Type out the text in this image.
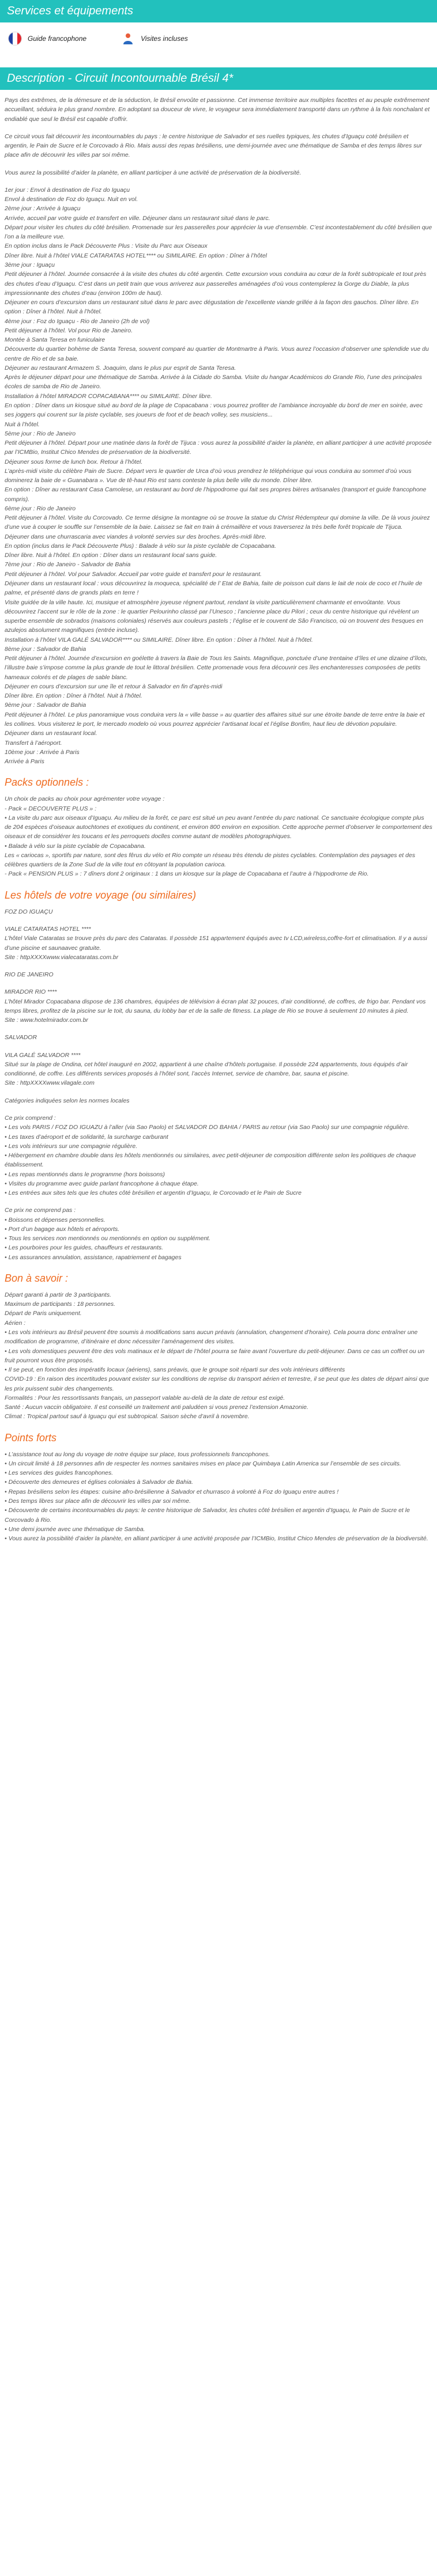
Services et équipements
Guide francophone	Visites incluses
Description - Circuit Incontournable Brésil 4*

Pays des extrêmes, de la démesure et de la séduction, le Brésil envoûte et passionne. Cet immense territoire aux multiples facettes et au peuple extrêmement accueillant, séduira le plus grand nombre. En adoptant sa douceur de vivre, le voyageur sera immédiatement transporté dans un rythme à la fois nonchalant et endiablé que seul le Brésil est capable d’offrir.

Ce circuit vous fait découvrir les incontournables du pays : le centre historique de Salvador et ses ruelles typiques, les chutes d’Iguaçu coté brésilien et argentin, le Pain de Sucre et le Corcovado à Rio. Mais aussi des repas brésiliens, une demi-journée avec une thématique de Samba et des temps libres sur place afin de découvrir les villes par soi même.

Vous aurez la possibilité d’aider la planète, en alliant participer à une activité de préservation de la biodiversité.

1er jour : Envol à destination de Foz do Iguaçu
Envol à destination de Foz do Iguaçu. Nuit en vol.
2ème jour : Arrivée à Iguaçu
Arrivée, accueil par votre guide et transfert en ville. Déjeuner dans un restaurant situé dans le parc.
Départ pour visiter les chutes du côté brésilien. Promenade sur les passerelles pour apprécier la vue d’ensemble. C’est incontestablement du côté brésilien que l’on a la meilleure vue.
En option inclus dans le Pack Découverte Plus : Visite du Parc aux Oiseaux
Dîner libre. Nuit à l’hôtel VIALE CATARATAS HOTEL**** ou SIMILAIRE. En option : Dîner à l’hôtel
3ème jour : Iguaçu
Petit déjeuner à l’hôtel. Journée consacrée à la visite des chutes du côté argentin. Cette excursion vous conduira au cœur de la forêt subtropicale et tout près des chutes d’eau d’Iguaçu. C’est dans un petit train que vous arriverez aux passerelles aménagées d’où vous contemplerez la Gorge du Diable, la plus impressionnante des chutes d’eau (environ 100m de haut).
Déjeuner en cours d’excursion dans un restaurant situé dans le parc avec dégustation de l’excellente viande grillée à la façon des gauchos. Dîner libre. En option : Dîner à l’hôtel. Nuit à l’hôtel.
4ème jour : Foz do Iguaçu - Rio de Janeiro (2h de vol)
Petit déjeuner à l’hôtel. Vol pour Rio de Janeiro.
Montée à Santa Teresa en funiculaire
Découverte du quartier bohème de Santa Teresa, souvent comparé au quartier de Montmartre à Paris. Vous aurez l’occasion d’observer une splendide vue du centre de Rio et de sa baie.
Déjeuner au restaurant Armazem S. Joaquim, dans le plus pur esprit de Santa Teresa.
Après le déjeuner départ pour une thématique de Samba. Arrivée à la Cidade do Samba. Visite du hangar Académicos do Grande Rio, l’une des principales écoles de samba de Rio de Janeiro.
Installation à l’hôtel MIRADOR COPACABANA**** ou SIMILAIRE. Dîner libre.
En option : Dîner dans un kiosque situé au bord de la plage de Copacabana : vous pourrez profiter de l’ambiance incroyable du bord de mer en soirée, avec ses joggers qui courent sur la piste cyclable, ses joueurs de foot et de beach volley, ses musiciens...
Nuit à l’hôtel.
5ème jour : Rio de Janeiro
Petit déjeuner à l’hôtel. Départ pour une matinée dans la forêt de Tijuca : vous aurez la possibilité d’aider la planète, en alliant participer à une activité proposée par l’ICMBio, Institut Chico Mendes de préservation de la biodiversité.
Déjeuner sous forme de lunch box. Retour à l’hôtel.
L’après-midi visite du célèbre Pain de Sucre. Départ vers le quartier de Urca d’où vous prendrez le téléphérique qui vous conduira au sommet d’où vous dominerez la baie de « Guanabara ». Vue de tê-haut Rio est sans conteste la plus belle ville du monde. Dîner libre.
En option : Dîner au restaurant Casa Camolese, un restaurant au bord de l’hippodrome qui fait ses propres bières artisanales (transport et guide francophone compris).
6ème jour : Rio de Janeiro
Petit déjeuner à l’hôtel. Visite du Corcovado. Ce terme désigne la montagne où se trouve la statue du Christ Rédempteur qui domine la ville. De là vous jouirez d’une vue à couper le souffle sur l’ensemble de la baie. Laissez se fait en train à crémaillère et vous traverserez la très belle forêt tropicale de Tijuca.
Déjeuner dans une churrascaria avec viandes à volonté servies sur des broches. Après-midi libre.
En option (inclus dans le Pack Découverte Plus) : Balade à vélo sur la piste cyclable de Copacabana.
Dîner libre. Nuit à l’hôtel. En option : Dîner dans un restaurant local sans guide.
7ème jour : Rio de Janeiro - Salvador de Bahia
Petit déjeuner à l’hôtel. Vol pour Salvador. Accueil par votre guide et transfert pour le restaurant.
Déjeuner dans un restaurant local : vous découvrirez la moqueca, spécialité de l’ Etat de Bahia, faite de poisson cuit dans le lait de noix de coco et l’huile de palme, et présenté dans de grands plats en terre !
Visite guidée de la ville haute. Ici, musique et atmosphère joyeuse régnent partout, rendant la visite particulièrement charmante et envoûtante. Vous découvrirez l’accent sur le rôle de la zone : le quartier Pelourinho classé par l’Unesco ; l’ancienne place du Pilori ; ceux du centre historique qui révèlent un superbe ensemble de sobrados (maisons coloniales) réservés aux couleurs pastels ; l’église et le couvent de São Francisco, où on trouvent des fresques en azulejos absolument magnifiques (entrée incluse).
Installation à l’hôtel VILA GALÉ SALVADOR**** ou SIMILAIRE. Dîner libre. En option : Dîner à l’hôtel. Nuit à l’hôtel.
8ème jour : Salvador de Bahia
Petit déjeuner à l’hôtel. Journée d’excursion en goélette à travers la Baie de Tous les Saints. Magnifique, ponctuée d’une trentaine d’îles et une dizaine d’îlots, l’illustre baie s’impose comme la plus grande de tout le littoral brésilien. Cette promenade vous fera découvrir ces îles enchanteresses composées de petits hameaux colorés et de plages de sable blanc.
Déjeuner en cours d’excursion sur une île et retour à Salvador en fin d’après-midi
Dîner libre. En option : Dîner à l’hôtel. Nuit à l’hôtel.
9ème jour : Salvador de Bahia
Petit déjeuner à l’hôtel. Le plus panoramique vous conduira vers la « ville basse » au quartier des affaires situé sur une étroite bande de terre entre la baie et les collines. Vous visiterez le port, le mercado modelo où vous pourrez apprécier l’artisanat local et l’église Bonfim, haut lieu de dévotion populaire.
Déjeuner dans un restaurant local.
Transfert à l’aéroport.
10ème jour : Arrivée à Paris
Arrivée à Paris
Packs optionnels :
Un choix de packs au choix pour agrémenter votre voyage :
- Pack « DECOUVERTE PLUS » :
• La visite du parc aux oiseaux d’Iguaçu. Au milieu de la forêt, ce parc est situé un peu avant l’entrée du parc national. Ce sanctuaire écologique compte plus de 204 espèces d’oiseaux autochtones et exotiques du continent, et environ 800 environ en exposition. Cette approche permet d’observer le comportement des oiseaux et de considérer les toucans et les perroquets doclles comme autant de modèles photographiques.
• Balade à vélo sur la piste cyclable de Copacabana.
Les « cariocas », sportifs par nature, sont des fêrus du vélo et Rio compte un réseau très étendu de pistes cyclables. Contemplation des paysages et des célèbres quartiers de la Zone Sud de la ville tout en côtoyant la population carioca.
- Pack « PENSION PLUS » : 7 dîners dont 2 originaux : 1 dans un kiosque sur la plage de Copacabana et l’autre à l’hippodrome de Rio.
Les hôtels de votre voyage (ou similaires)

FOZ DO IGUAÇU

VIALE CATARATAS HOTEL ****
L’hôtel Viale Cataratas se trouve près du parc des Cataratas. Il possède 151 appartement équipés avec tv LCD,wireless,coffre-fort et climatisation. Il y a aussi d’une piscine et saunaavec gratuite.
Site : httpXXXXwww.vialecataratas.com.br

RIO DE JANEIRO

MIRADOR RIO ****
L’hôtel Mirador Copacabana dispose de 136 chambres, équipées de télévision à écran plat 32 pouces, d’air conditionné, de coffres, de frigo bar. Pendant vos temps libres, profitez de la piscine sur le toit, du sauna, du lobby bar et de la salle de fitness. La plage de Rio se trouve à seulement 10 minutes à pied.
Site : www.hotelmirador.com.br

SALVADOR

VILA GALÉ SALVADOR ****
Situé sur la plage de Ondina, cet hôtel inauguré en 2002, appartient à une chaîne d’hôtels portugaise. Il possède 224 appartements, tous équipés d’air conditionné, de coffre. Les différents services proposés à l’hôtel sont, l’accès Internet, service de chambre, bar, sauna et piscine.
Site : httpXXXXwww.vilagale.com

Catégories indiquées selon les normes locales

Ce prix comprend :
• Les vols PARIS / FOZ DO IGUAZU à l’aller (via Sao Paolo) et SALVADOR DO BAHIA / PARIS au retour (via Sao Paolo) sur une compagnie régulière.
• Les taxes d’aéroport et de solidarité, la surcharge carburant
• Les vols intérieurs sur une compagnie régulière.
• Hébergement en chambre double dans les hôtels mentionnés ou similaires, avec petit-déjeuner de composition différente selon les politiques de chaque établissement.
• Les repas mentionnés dans le programme (hors boissons)
• Visites du programme avec guide parlant francophone à chaque étape.
• Les entrées aux sites tels que les chutes côté brésilien et argentin d’Iguaçu, le Corcovado et le Pain de Sucre
Ce prix ne comprend pas :
• Boissons et dépenses personnelles.
• Port d’un bagage aux hôtels et aéroports.
• Tous les services non mentionnés ou mentionnés en option ou supplément.
• Les pourboires pour les guides, chauffeurs et restaurants.
• Les assurances annulation, assistance, rapatriement et bagages
Bon à savoir :
Départ garanti à partir de 3 participants.
Maximum de participants : 18 personnes.
Départ de Paris uniquement.
Aérien :
• Les vols intérieurs au Brésil peuvent être soumis à modifications sans aucun préavis (annulation, changement d’horaire). Cela pourra donc entraîner une modification de programme, d’itinéraire et donc nécessiter l’aménagement des visites.
• Les vols domestiques peuvent être des vols matinaux et le départ de l’hôtel pourra se faire avant l’ouverture du petit-déjeuner. Dans ce cas un coffret ou un fruit pourront vous être proposés.
• Il se peut, en fonction des impératifs locaux (aériens), sans préavis, que le groupe soit réparti sur des vols intérieurs différents
COVID-19 : En raison des incertitudes pouvant exister sur les conditions de reprise du transport aérien et terrestre, il se peut que les dates de départ ainsi que les prix puissent subir des changements.
Formalités : Pour les ressortissants français, un passeport valable au-delà de la date de retour est exigé.
Santé : Aucun vaccin obligatoire. Il est conseillé un traitement anti paludéen si vous prenez l’extension Amazonie.
Climat : Tropical partout sauf à Iguaçu qui est subtropical. Saison sèche d’avril à novembre.
Points forts
• L’assistance tout au long du voyage de notre équipe sur place, tous professionnels francophones.
• Un circuit limité à 18 personnes afin de respecter les normes sanitaires mises en place par Quimbaya Latin America sur l’ensemble de ses circuits.
• Les services des guides francophones.
• Découverte des demeures et églises coloniales à Salvador de Bahia.
• Repas brésiliens selon les étapes: cuisine afro-brésilienne à Salvador et churrasco à volonté à Foz do Iguaçu entre autres !
• Des temps libres sur place afin de découvrir les villes par soi même.
• Découverte de certains incontournables du pays: le centre historique de Salvador, les chutes côté brésilien et argentin d’Iguaçu, le Pain de Sucre et le Corcovado à Rio.
• Une demi journée avec une thématique de Samba.
• Vous aurez la possibilité d’aider la planète, en alliant participer à une activité proposée par l’ICMBio, Institut Chico Mendes de préservation de la biodiversité.
